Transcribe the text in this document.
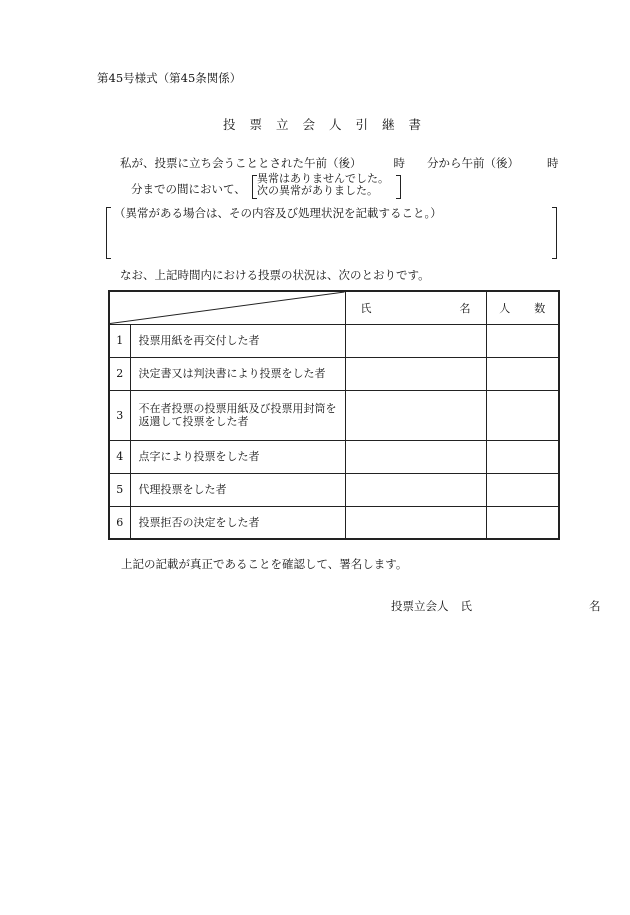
第45号様式（第45条関係）
投票立会人引継書
私が、投票に立ち会うこととされた午前（後）	時 分から午前（後） 時
分までの間において、
異常はありませんでした。
次の異常がありました。
（異常がある場合は、その内容及び処理状況を記載すること。）
なお、上記時間内における投票の状況は、次のとおりです。
	氏名	人数
1	投票用紙を再交付した者		
2	決定書又は判決書により投票をした者		
3	不在者投票の投票用紙及び投票用封筒を返還して投票をした者		
4	点字により投票をした者		
5	代理投票をした者		
6	投票拒否の決定をした者		
上記の記載が真正であることを確認して、署名します。
投票立会人 氏名
